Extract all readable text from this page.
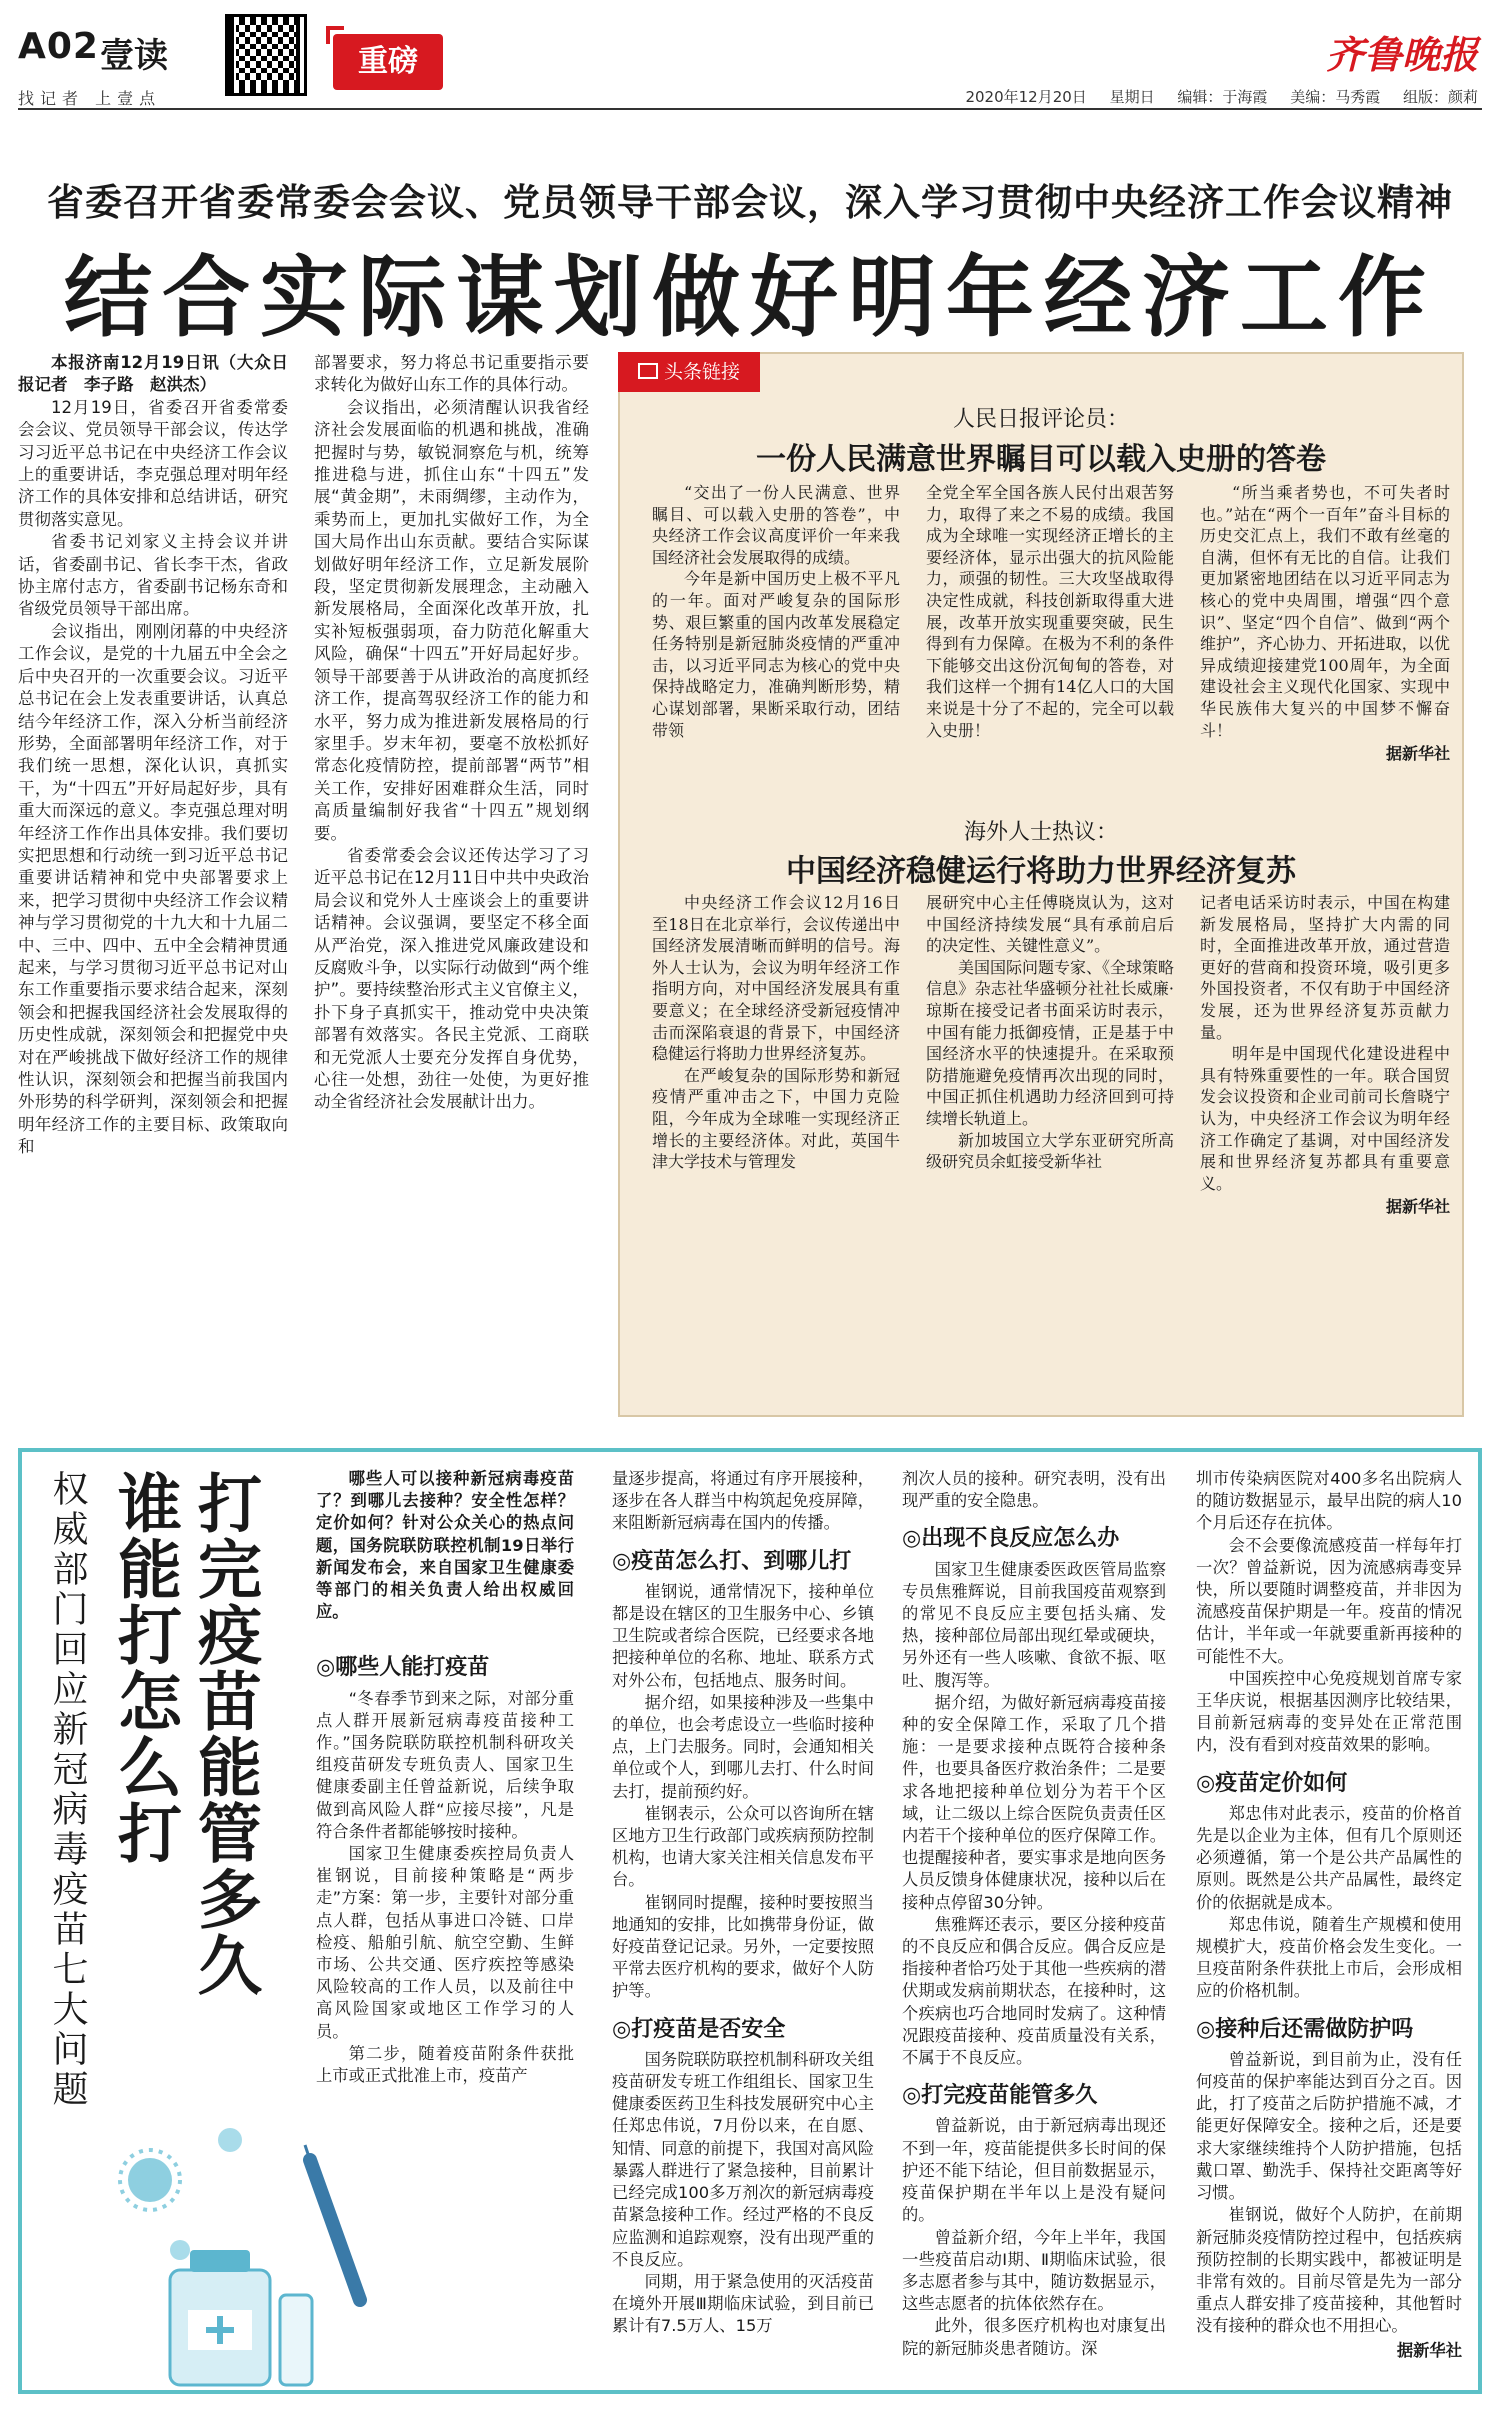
A02 壹读
找记者 上壹点
重磅	齐鲁晚报
2020年12月20日 星期日 编辑：于海霞 美编：马秀霞 组版：颜莉
省委召开省委常委会会议、党员领导干部会议，深入学习贯彻中央经济工作会议精神
结合实际谋划做好明年经济工作

本报济南12月19日讯（大众日报记者　李子路　赵洪杰）

12月19日，省委召开省委常委会会议、党员领导干部会议，传达学习习近平总书记在中央经济工作会议上的重要讲话，李克强总理对明年经济工作的具体安排和总结讲话，研究贯彻落实意见。

省委书记刘家义主持会议并讲话，省委副书记、省长李干杰，省政协主席付志方，省委副书记杨东奇和省级党员领导干部出席。

会议指出，刚刚闭幕的中央经济工作会议，是党的十九届五中全会之后中央召开的一次重要会议。习近平总书记在会上发表重要讲话，认真总结今年经济工作，深入分析当前经济形势，全面部署明年经济工作，对于我们统一思想，深化认识，真抓实干，为“十四五”开好局起好步，具有重大而深远的意义。李克强总理对明年经济工作作出具体安排。我们要切实把思想和行动统一到习近平总书记重要讲话精神和党中央部署要求上来，把学习贯彻中央经济工作会议精神与学习贯彻党的十九大和十九届二中、三中、四中、五中全会精神贯通起来，与学习贯彻习近平总书记对山东工作重要指示要求结合起来，深刻领会和把握我国经济社会发展取得的历史性成就，深刻领会和把握党中央对在严峻挑战下做好经济工作的规律性认识，深刻领会和把握当前我国内外形势的科学研判，深刻领会和把握明年经济工作的主要目标、政策取向和

部署要求，努力将总书记重要指示要求转化为做好山东工作的具体行动。

会议指出，必须清醒认识我省经济社会发展面临的机遇和挑战，准确把握时与势，敏锐洞察危与机，统筹推进稳与进，抓住山东“十四五”发展“黄金期”，未雨绸缪，主动作为，乘势而上，更加扎实做好工作，为全国大局作出山东贡献。要结合实际谋划做好明年经济工作，立足新发展阶段，坚定贯彻新发展理念，主动融入新发展格局，全面深化改革开放，扎实补短板强弱项，奋力防范化解重大风险，确保“十四五”开好局起好步。领导干部要善于从讲政治的高度抓经济工作，提高驾驭经济工作的能力和水平，努力成为推进新发展格局的行家里手。岁末年初，要毫不放松抓好常态化疫情防控，提前部署“两节”相关工作，安排好困难群众生活，同时高质量编制好我省“十四五”规划纲要。

省委常委会会议还传达学习了习近平总书记在12月11日中共中央政治局会议和党外人士座谈会上的重要讲话精神。会议强调，要坚定不移全面从严治党，深入推进党风廉政建设和反腐败斗争，以实际行动做到“两个维护”。要持续整治形式主义官僚主义，扑下身子真抓实干，推动党中央决策部署有效落实。各民主党派、工商联和无党派人士要充分发挥自身优势，心往一处想，劲往一处使，为更好推动全省经济社会发展献计出力。

头条链接
人民日报评论员：
一份人民满意世界瞩目可以载入史册的答卷

“交出了一份人民满意、世界瞩目、可以载入史册的答卷”，中央经济工作会议高度评价一年来我国经济社会发展取得的成绩。

今年是新中国历史上极不平凡的一年。面对严峻复杂的国际形势、艰巨繁重的国内改革发展稳定任务特别是新冠肺炎疫情的严重冲击，以习近平同志为核心的党中央保持战略定力，准确判断形势，精心谋划部署，果断采取行动，团结带领

全党全军全国各族人民付出艰苦努力，取得了来之不易的成绩。我国成为全球唯一实现经济正增长的主要经济体，显示出强大的抗风险能力，顽强的韧性。三大攻坚战取得决定性成就，科技创新取得重大进展，改革开放实现重要突破，民生得到有力保障。在极为不利的条件下能够交出这份沉甸甸的答卷，对我们这样一个拥有14亿人口的大国来说是十分了不起的，完全可以载入史册！

“所当乘者势也，不可失者时也。”站在“两个一百年”奋斗目标的历史交汇点上，我们不敢有丝毫的自满，但怀有无比的自信。让我们更加紧密地团结在以习近平同志为核心的党中央周围，增强“四个意识”、坚定“四个自信”、做到“两个维护”，齐心协力、开拓进取，以优异成绩迎接建党100周年，为全面建设社会主义现代化国家、实现中华民族伟大复兴的中国梦不懈奋斗！

据新华社
海外人士热议：
中国经济稳健运行将助力世界经济复苏

中央经济工作会议12月16日至18日在北京举行，会议传递出中国经济发展清晰而鲜明的信号。海外人士认为，会议为明年经济工作指明方向，对中国经济发展具有重要意义；在全球经济受新冠疫情冲击而深陷衰退的背景下，中国经济稳健运行将助力世界经济复苏。

在严峻复杂的国际形势和新冠疫情严重冲击之下，中国力克险阻，今年成为全球唯一实现经济正增长的主要经济体。对此，英国牛津大学技术与管理发

展研究中心主任傅晓岚认为，这对中国经济持续发展“具有承前启后的决定性、关键性意义”。

美国国际问题专家、《全球策略信息》杂志社华盛顿分社社长威廉·琼斯在接受记者书面采访时表示，中国有能力抵御疫情，正是基于中国经济水平的快速提升。在采取预防措施避免疫情再次出现的同时，中国正抓住机遇助力经济回到可持续增长轨道上。

新加坡国立大学东亚研究所高级研究员余虹接受新华社

记者电话采访时表示，中国在构建新发展格局，坚持扩大内需的同时，全面推进改革开放，通过营造更好的营商和投资环境，吸引更多外国投资者，不仅有助于中国经济发展，还为世界经济复苏贡献力量。

明年是中国现代化建设进程中具有特殊重要性的一年。联合国贸发会议投资和企业司前司长詹晓宁认为，中央经济工作会议为明年经济工作确定了基调，对中国经济发展和世界经济复苏都具有重要意义。

据新华社
打完疫苗能管多久
谁能打怎么打
权威部门回应新冠病毒疫苗七大问题	哪些人可以接种新冠病毒疫苗了？到哪儿去接种？安全性怎样？定价如何？针对公众关心的热点问题，国务院联防联控机制19日举行新闻发布会，来自国家卫生健康委等部门的相关负责人给出权威回应。

◎哪些人能打疫苗

“冬春季节到来之际，对部分重点人群开展新冠病毒疫苗接种工作。”国务院联防联控机制科研攻关组疫苗研发专班负责人、国家卫生健康委副主任曾益新说，后续争取做到高风险人群“应接尽接”，凡是符合条件者都能够按时接种。

国家卫生健康委疾控局负责人崔钢说，目前接种策略是“两步走”方案：第一步，主要针对部分重点人群，包括从事进口冷链、口岸检疫、船舶引航、航空空勤、生鲜市场、公共交通、医疗疾控等感染风险较高的工作人员，以及前往中高风险国家或地区工作学习的人员。

第二步，随着疫苗附条件获批上市或正式批准上市，疫苗产

量逐步提高，将通过有序开展接种，逐步在各人群当中构筑起免疫屏障，来阻断新冠病毒在国内的传播。

◎疫苗怎么打、到哪儿打

崔钢说，通常情况下，接种单位都是设在辖区的卫生服务中心、乡镇卫生院或者综合医院，已经要求各地把接种单位的名称、地址、联系方式对外公布，包括地点、服务时间。

据介绍，如果接种涉及一些集中的单位，也会考虑设立一些临时接种点，上门去服务。同时，会通知相关单位或个人，到哪儿去打、什么时间去打，提前预约好。

崔钢表示，公众可以咨询所在辖区地方卫生行政部门或疾病预防控制机构，也请大家关注相关信息发布平台。

崔钢同时提醒，接种时要按照当地通知的安排，比如携带身份证，做好疫苗登记记录。另外，一定要按照平常去医疗机构的要求，做好个人防护等。

◎打疫苗是否安全

国务院联防联控机制科研攻关组疫苗研发专班工作组组长、国家卫生健康委医药卫生科技发展研究中心主任郑忠伟说，7月份以来，在自愿、知情、同意的前提下，我国对高风险暴露人群进行了紧急接种，目前累计已经完成100多万剂次的新冠病毒疫苗紧急接种工作。经过严格的不良反应监测和追踪观察，没有出现严重的不良反应。

同期，用于紧急使用的灭活疫苗在境外开展Ⅲ期临床试验，到目前已累计有7.5万人、15万

剂次人员的接种。研究表明，没有出现严重的安全隐患。

◎出现不良反应怎么办

国家卫生健康委医政医管局监察专员焦雅辉说，目前我国疫苗观察到的常见不良反应主要包括头痛、发热，接种部位局部出现红晕或硬块，另外还有一些人咳嗽、食欲不振、呕吐、腹泻等。

据介绍，为做好新冠病毒疫苗接种的安全保障工作，采取了几个措施：一是要求接种点既符合接种条件，也要具备医疗救治条件；二是要求各地把接种单位划分为若干个区域，让二级以上综合医院负责责任区内若干个接种单位的医疗保障工作。也提醒接种者，要实事求是地向医务人员反馈身体健康状况，接种以后在接种点停留30分钟。

焦雅辉还表示，要区分接种疫苗的不良反应和偶合反应。偶合反应是指接种者恰巧处于其他一些疾病的潜伏期或发病前期状态，在接种时，这个疾病也巧合地同时发病了。这种情况跟疫苗接种、疫苗质量没有关系，不属于不良反应。

◎打完疫苗能管多久

曾益新说，由于新冠病毒出现还不到一年，疫苗能提供多长时间的保护还不能下结论，但目前数据显示，疫苗保护期在半年以上是没有疑问的。

曾益新介绍，今年上半年，我国一些疫苗启动Ⅰ期、Ⅱ期临床试验，很多志愿者参与其中，随访数据显示，这些志愿者的抗体依然存在。

此外，很多医疗机构也对康复出院的新冠肺炎患者随访。深

圳市传染病医院对400多名出院病人的随访数据显示，最早出院的病人10个月后还存在抗体。

会不会要像流感疫苗一样每年打一次？曾益新说，因为流感病毒变异快，所以要随时调整疫苗，并非因为流感疫苗保护期是一年。疫苗的情况估计，半年或一年就要重新再接种的可能性不大。

中国疾控中心免疫规划首席专家王华庆说，根据基因测序比较结果，目前新冠病毒的变异处在正常范围内，没有看到对疫苗效果的影响。

◎疫苗定价如何

郑忠伟对此表示，疫苗的价格首先是以企业为主体，但有几个原则还必须遵循，第一个是公共产品属性的原则。既然是公共产品属性，最终定价的依据就是成本。

郑忠伟说，随着生产规模和使用规模扩大，疫苗价格会发生变化。一旦疫苗附条件获批上市后，会形成相应的价格机制。

◎接种后还需做防护吗

曾益新说，到目前为止，没有任何疫苗的保护率能达到百分之百。因此，打了疫苗之后防护措施不减，才能更好保障安全。接种之后，还是要求大家继续维持个人防护措施，包括戴口罩、勤洗手、保持社交距离等好习惯。

崔钢说，做好个人防护，在前期新冠肺炎疫情防控过程中，包括疾病预防控制的长期实践中，都被证明是非常有效的。目前尽管是先为一部分重点人群安排了疫苗接种，其他暂时没有接种的群众也不用担心。

据新华社
